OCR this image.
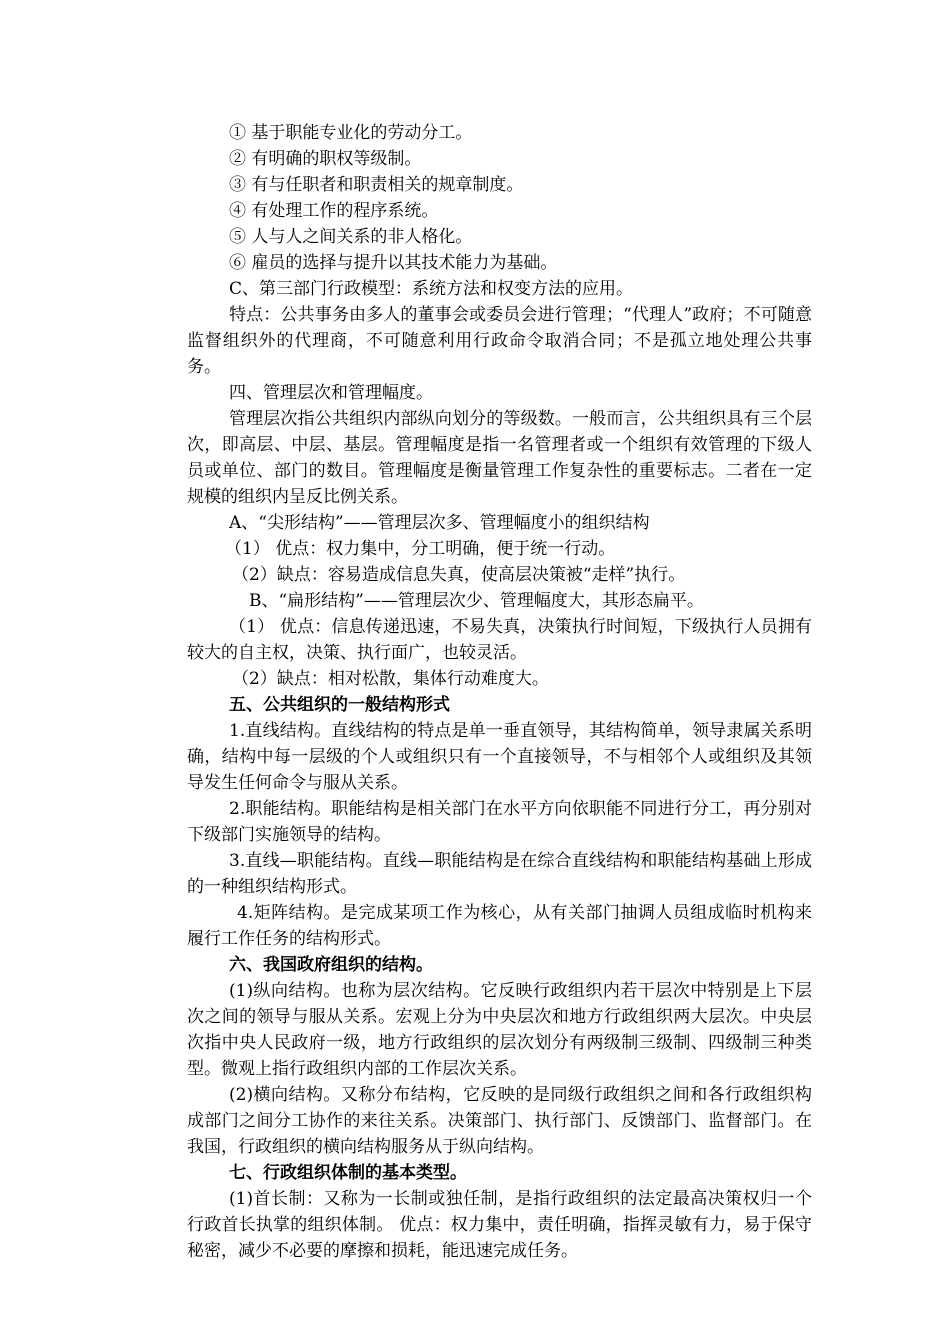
① 基于职能专业化的劳动分工。

② 有明确的职权等级制。

③ 有与任职者和职责相关的规章制度。

④ 有处理工作的程序系统。

⑤ 人与人之间关系的非人格化。

⑥ 雇员的选择与提升以其技术能力为基础。

C、第三部门行政模型：系统方法和权变方法的应用。

特点：公共事务由多人的董事会或委员会进行管理；“代理人”政府；不可随意监督组织外的代理商，不可随意利用行政命令取消合同；不是孤立地处理公共事务。

四、管理层次和管理幅度。

管理层次指公共组织内部纵向划分的等级数。一般而言，公共组织具有三个层次，即高层、中层、基层。管理幅度是指一名管理者或一个组织有效管理的下级人员或单位、部门的数目。管理幅度是衡量管理工作复杂性的重要标志。二者在一定规模的组织内呈反比例关系。

A、“尖形结构”——管理层次多、管理幅度小的组织结构

（1） 优点：权力集中，分工明确，便于统一行动。

（2）缺点：容易造成信息失真，使高层决策被“走样”执行。

B、“扁形结构”——管理层次少、管理幅度大，其形态扁平。

（1） 优点：信息传递迅速，不易失真，决策执行时间短，下级执行人员拥有较大的自主权，决策、执行面广，也较灵活。

（2）缺点：相对松散，集体行动难度大。

五、公共组织的一般结构形式

1.直线结构。直线结构的特点是单一垂直领导，其结构简单，领导隶属关系明确，结构中每一层级的个人或组织只有一个直接领导，不与相邻个人或组织及其领导发生任何命令与服从关系。

2.职能结构。职能结构是相关部门在水平方向依职能不同进行分工，再分别对下级部门实施领导的结构。

3.直线—职能结构。直线—职能结构是在综合直线结构和职能结构基础上形成的一种组织结构形式。

4.矩阵结构。是完成某项工作为核心，从有关部门抽调人员组成临时机构来履行工作任务的结构形式。

六、我国政府组织的结构。

(1)纵向结构。也称为层次结构。它反映行政组织内若干层次中特别是上下层次之间的领导与服从关系。宏观上分为中央层次和地方行政组织两大层次。中央层次指中央人民政府一级，地方行政组织的层次划分有两级制三级制、四级制三种类型。微观上指行政组织内部的工作层次关系。

(2)横向结构。又称分布结构，它反映的是同级行政组织之间和各行政组织构成部门之间分工协作的来往关系。决策部门、执行部门、反馈部门、监督部门。在我国，行政组织的横向结构服务从于纵向结构。

七、行政组织体制的基本类型。

(1)首长制：又称为一长制或独任制，是指行政组织的法定最高决策权归一个行政首长执掌的组织体制。 优点：权力集中，责任明确，指挥灵敏有力，易于保守秘密，减少不必要的摩擦和损耗，能迅速完成任务。
